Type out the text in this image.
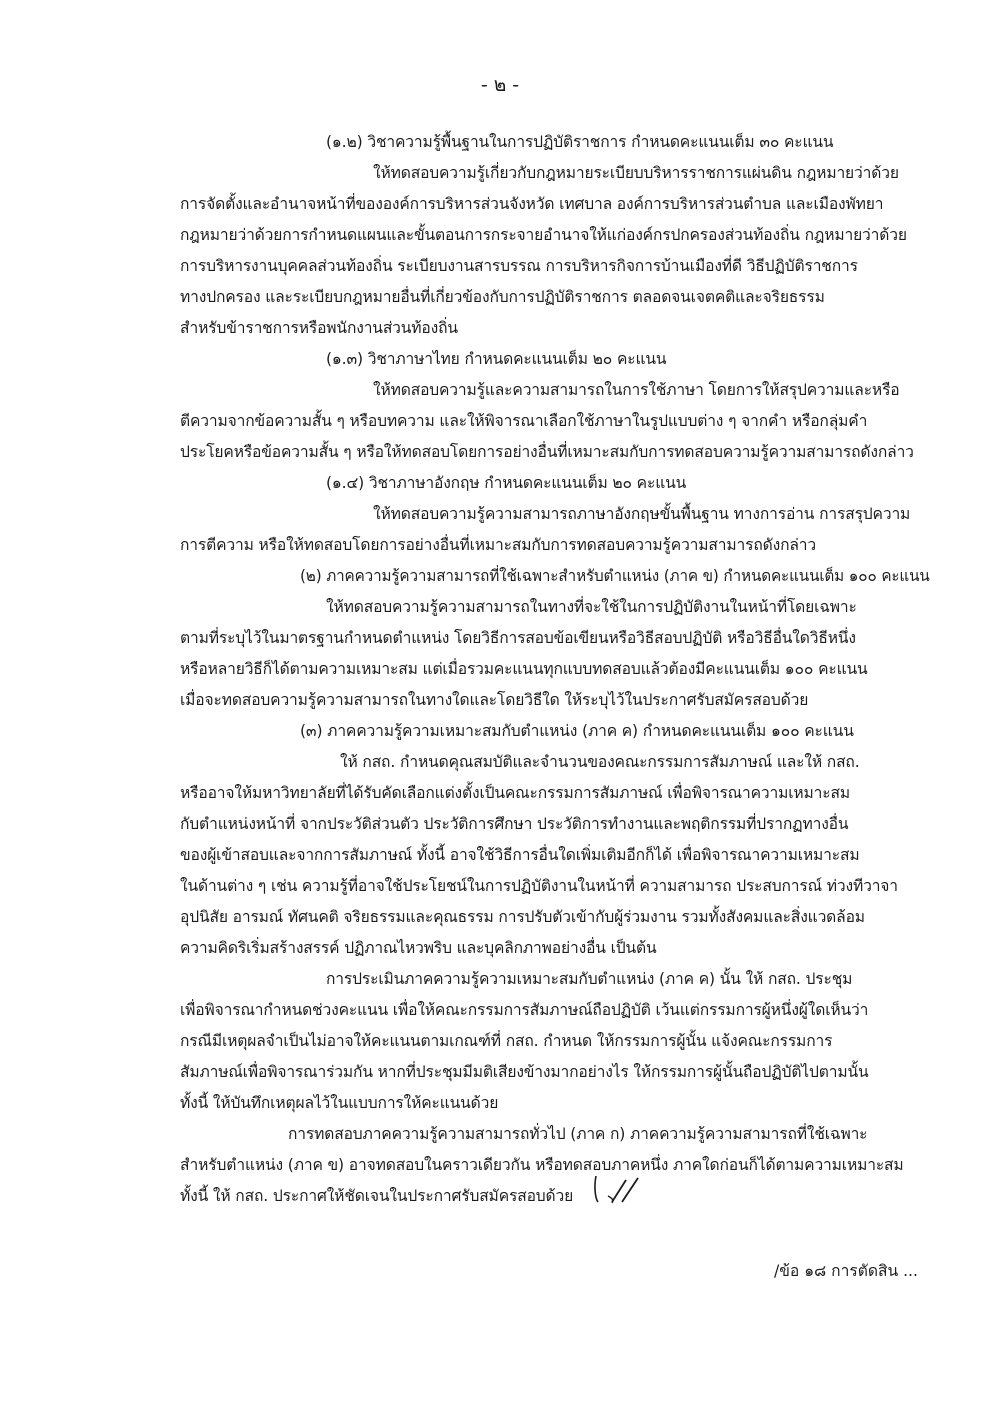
- ๒ -
(๑.๒) วิชาความรู้พื้นฐานในการปฏิบัติราชการ กำหนดคะแนนเต็ม ๓๐ คะแนน
ให้ทดสอบความรู้เกี่ยวกับกฎหมายระเบียบบริหารราชการแผ่นดิน กฎหมายว่าด้วย
การจัดตั้งและอำนาจหน้าที่ขององค์การบริหารส่วนจังหวัด เทศบาล องค์การบริหารส่วนตำบล และเมืองพัทยา
กฎหมายว่าด้วยการกำหนดแผนและขั้นตอนการกระจายอำนาจให้แก่องค์กรปกครองส่วนท้องถิ่น กฎหมายว่าด้วย
การบริหารงานบุคคลส่วนท้องถิ่น ระเบียบงานสารบรรณ การบริหารกิจการบ้านเมืองที่ดี วิธีปฏิบัติราชการ
ทางปกครอง และระเบียบกฎหมายอื่นที่เกี่ยวข้องกับการปฏิบัติราชการ ตลอดจนเจตคติและจริยธรรม
สำหรับข้าราชการหรือพนักงานส่วนท้องถิ่น
(๑.๓) วิชาภาษาไทย กำหนดคะแนนเต็ม ๒๐ คะแนน
ให้ทดสอบความรู้และความสามารถในการใช้ภาษา โดยการให้สรุปความและหรือ
ตีความจากข้อความสั้น ๆ หรือบทความ และให้พิจารณาเลือกใช้ภาษาในรูปแบบต่าง ๆ จากคำ หรือกลุ่มคำ
ประโยคหรือข้อความสั้น ๆ หรือให้ทดสอบโดยการอย่างอื่นที่เหมาะสมกับการทดสอบความรู้ความสามารถดังกล่าว
(๑.๔) วิชาภาษาอังกฤษ กำหนดคะแนนเต็ม ๒๐ คะแนน
ให้ทดสอบความรู้ความสามารถภาษาอังกฤษขั้นพื้นฐาน ทางการอ่าน การสรุปความ
การตีความ หรือให้ทดสอบโดยการอย่างอื่นที่เหมาะสมกับการทดสอบความรู้ความสามารถดังกล่าว
(๒) ภาคความรู้ความสามารถที่ใช้เฉพาะสำหรับตำแหน่ง (ภาค ข) กำหนดคะแนนเต็ม ๑๐๐ คะแนน
ให้ทดสอบความรู้ความสามารถในทางที่จะใช้ในการปฏิบัติงานในหน้าที่โดยเฉพาะ
ตามที่ระบุไว้ในมาตรฐานกำหนดตำแหน่ง โดยวิธีการสอบข้อเขียนหรือวิธีสอบปฏิบัติ หรือวิธีอื่นใดวิธีหนึ่ง
หรือหลายวิธีก็ได้ตามความเหมาะสม แต่เมื่อรวมคะแนนทุกแบบทดสอบแล้วต้องมีคะแนนเต็ม ๑๐๐ คะแนน
เมื่อจะทดสอบความรู้ความสามารถในทางใดและโดยวิธีใด ให้ระบุไว้ในประกาศรับสมัครสอบด้วย
(๓) ภาคความรู้ความเหมาะสมกับตำแหน่ง (ภาค ค) กำหนดคะแนนเต็ม ๑๐๐ คะแนน
ให้ กสถ. กำหนดคุณสมบัติและจำนวนของคณะกรรมการสัมภาษณ์ และให้ กสถ.
หรืออาจให้มหาวิทยาลัยที่ได้รับคัดเลือกแต่งตั้งเป็นคณะกรรมการสัมภาษณ์ เพื่อพิจารณาความเหมาะสม
กับตำแหน่งหน้าที่ จากประวัติส่วนตัว ประวัติการศึกษา ประวัติการทำงานและพฤติกรรมที่ปรากฏทางอื่น
ของผู้เข้าสอบและจากการสัมภาษณ์ ทั้งนี้ อาจใช้วิธีการอื่นใดเพิ่มเติมอีกก็ได้ เพื่อพิจารณาความเหมาะสม
ในด้านต่าง ๆ เช่น ความรู้ที่อาจใช้ประโยชน์ในการปฏิบัติงานในหน้าที่ ความสามารถ ประสบการณ์ ท่วงทีวาจา
อุปนิสัย อารมณ์ ทัศนคติ จริยธรรมและคุณธรรม การปรับตัวเข้ากับผู้ร่วมงาน รวมทั้งสังคมและสิ่งแวดล้อม
ความคิดริเริ่มสร้างสรรค์ ปฏิภาณไหวพริบ และบุคลิกภาพอย่างอื่น เป็นต้น
การประเมินภาคความรู้ความเหมาะสมกับตำแหน่ง (ภาค ค) นั้น ให้ กสถ. ประชุม
เพื่อพิจารณากำหนดช่วงคะแนน เพื่อให้คณะกรรมการสัมภาษณ์ถือปฏิบัติ เว้นแต่กรรมการผู้หนึ่งผู้ใดเห็นว่า
กรณีมีเหตุผลจำเป็นไม่อาจให้คะแนนตามเกณฑ์ที่ กสถ. กำหนด ให้กรรมการผู้นั้น แจ้งคณะกรรมการ
สัมภาษณ์เพื่อพิจารณาร่วมกัน หากที่ประชุมมีมติเสียงข้างมากอย่างไร ให้กรรมการผู้นั้นถือปฏิบัติไปตามนั้น
ทั้งนี้ ให้บันทึกเหตุผลไว้ในแบบการให้คะแนนด้วย
การทดสอบภาคความรู้ความสามารถทั่วไป (ภาค ก) ภาคความรู้ความสามารถที่ใช้เฉพาะ
สำหรับตำแหน่ง (ภาค ข) อาจทดสอบในคราวเดียวกัน หรือทดสอบภาคหนึ่ง ภาคใดก่อนก็ได้ตามความเหมาะสม
ทั้งนี้ ให้ กสถ. ประกาศให้ชัดเจนในประกาศรับสมัครสอบด้วย
/ข้อ ๑๘ การตัดสิน ...
